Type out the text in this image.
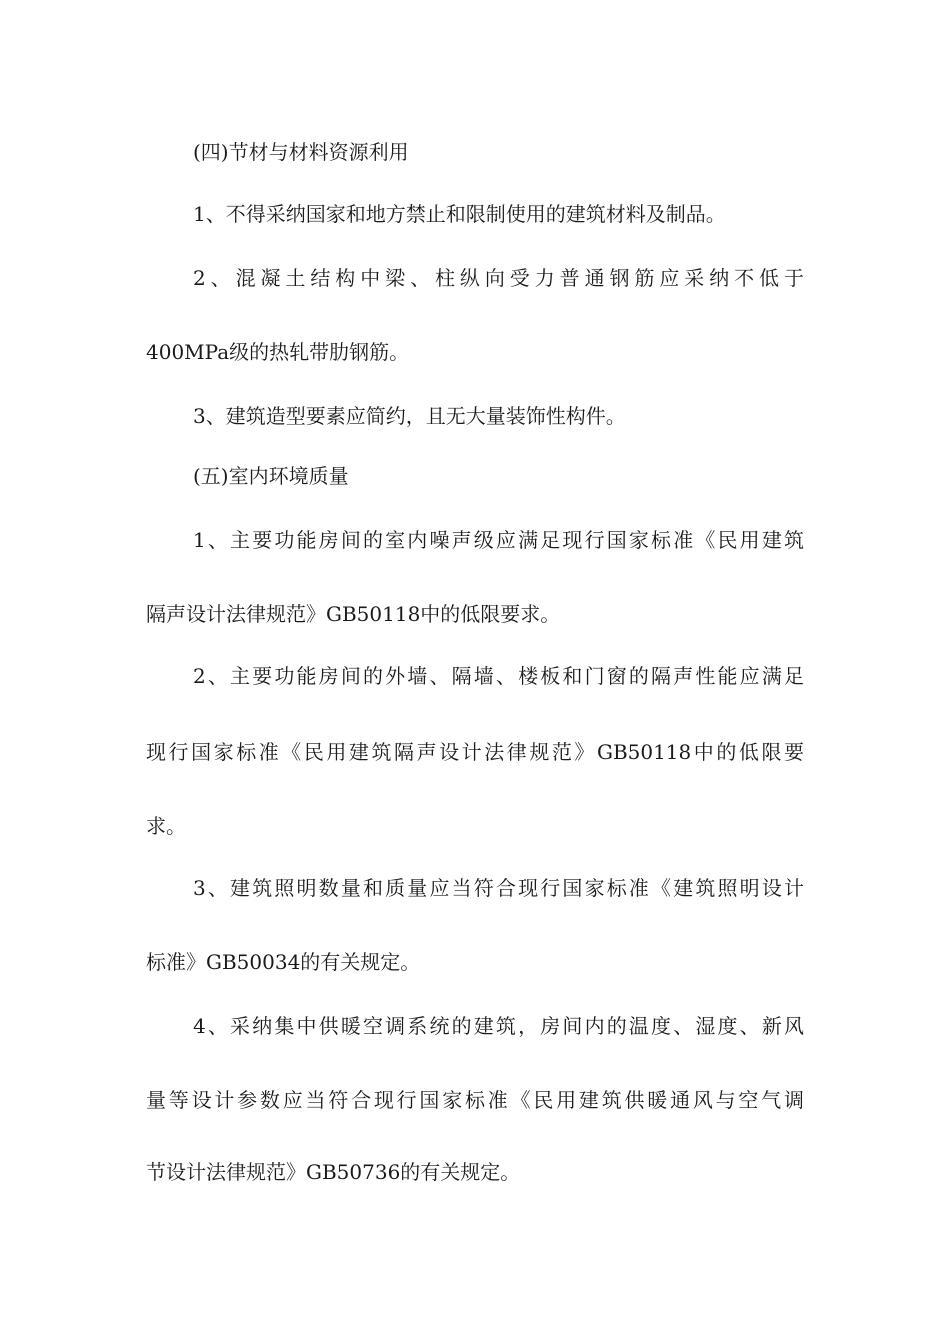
(四)节材与材料资源利用
1、不得采纳国家和地方禁止和限制使用的建筑材料及制品。
2、混凝土结构中梁、柱纵向受力普通钢筋应采纳不低于
400MPa级的热轧带肋钢筋。
3、建筑造型要素应简约，且无大量装饰性构件。
(五)室内环境质量
1、主要功能房间的室内噪声级应满足现行国家标准《民用建筑
隔声设计法律规范》GB50118中的低限要求。
2、主要功能房间的外墙、隔墙、楼板和门窗的隔声性能应满足
现行国家标准《民用建筑隔声设计法律规范》GB50118中的低限要
求。
3、建筑照明数量和质量应当符合现行国家标准《建筑照明设计
标准》GB50034的有关规定。
4、采纳集中供暖空调系统的建筑，房间内的温度、湿度、新风
量等设计参数应当符合现行国家标准《民用建筑供暖通风与空气调
节设计法律规范》GB50736的有关规定。
